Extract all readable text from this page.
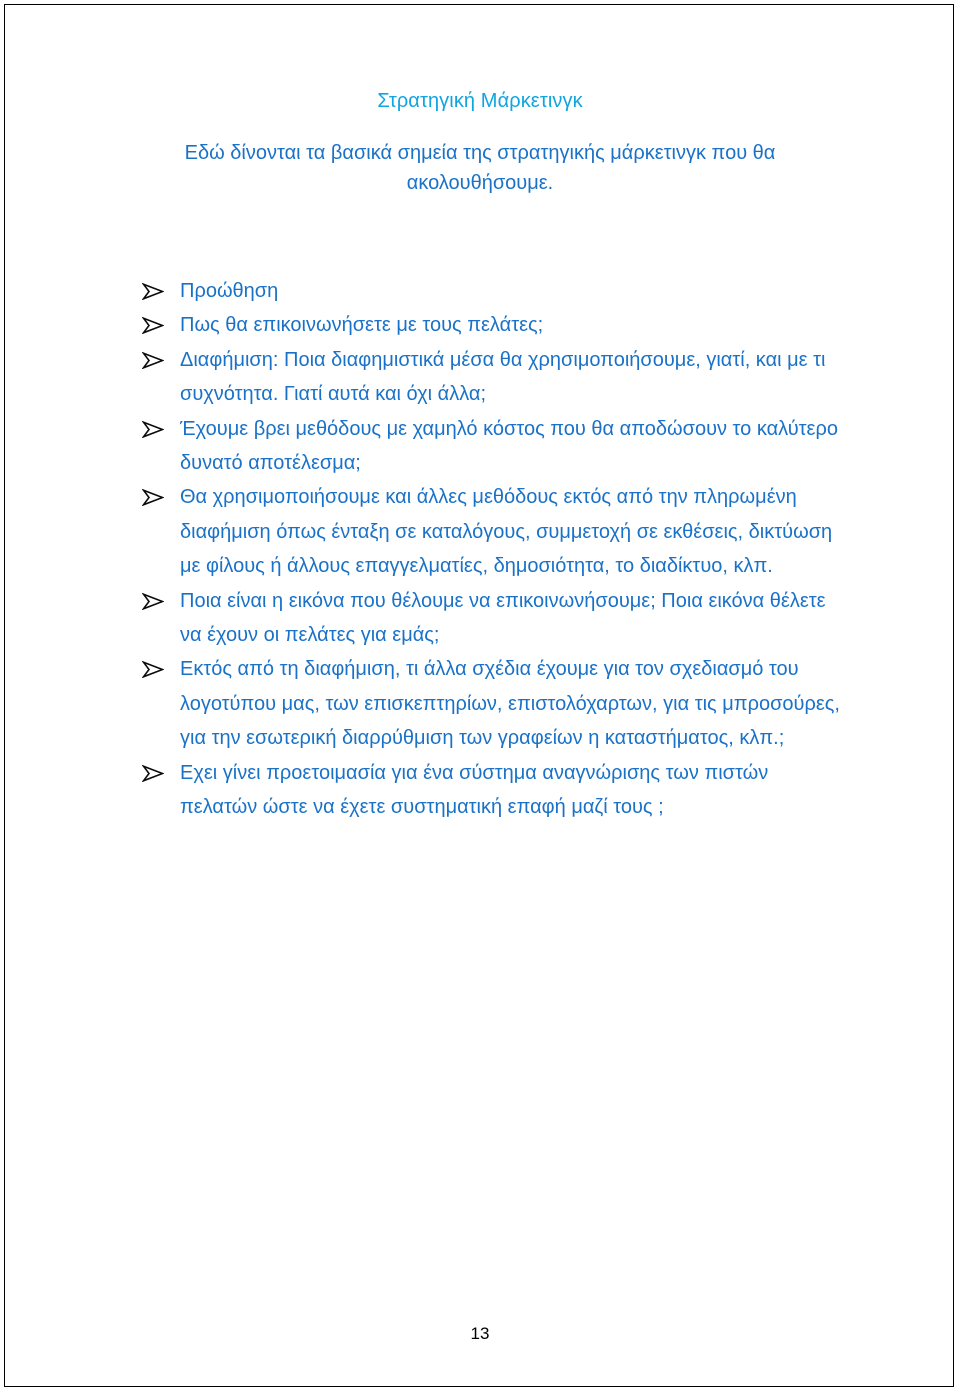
Στρατηγική Μάρκετινγκ

Εδώ δίνονται τα βασικά σημεία της στρατηγικής μάρκετινγκ που θα ακολουθήσουμε.

Προώθηση
Πως θα επικοινωνήσετε με τους πελάτες;
Διαφήμιση: Ποια διαφημιστικά μέσα θα χρησιμοποιήσουμε, γιατί, και με τι συχνότητα. Γιατί αυτά και όχι άλλα;
Έχουμε βρει μεθόδους με χαμηλό κόστος που θα αποδώσουν το καλύτερο δυνατό αποτέλεσμα;
Θα χρησιμοποιήσουμε και άλλες μεθόδους εκτός από την πληρωμένη διαφήμιση όπως ένταξη σε καταλόγους, συμμετοχή σε εκθέσεις, δικτύωση με φίλους ή άλλους επαγγελματίες, δημοσιότητα, το διαδίκτυο, κλπ.
Ποια είναι η εικόνα που θέλουμε να επικοινωνήσουμε; Ποια εικόνα θέλετε να έχουν οι πελάτες για εμάς;
Εκτός από τη διαφήμιση, τι άλλα σχέδια έχουμε για τον σχεδιασμό του λογοτύπου μας, των επισκεπτηρίων, επιστολόχαρτων, για τις μπροσούρες, για την εσωτερική διαρρύθμιση των γραφείων η καταστήματος, κλπ.;
Εχει γίνει προετοιμασία για ένα σύστημα αναγνώρισης των πιστών πελατών ώστε να έχετε συστηματική επαφή μαζί τους ;
13
